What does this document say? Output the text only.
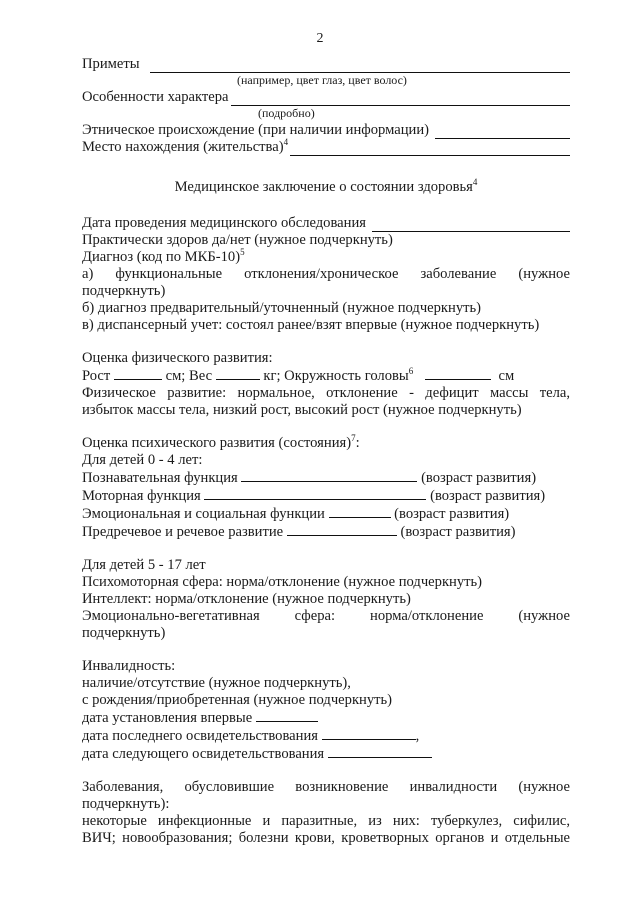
2
Приметы
(например, цвет глаз, цвет волос)
Особенности характера
(подробно)
Этническое происхождение (при наличии информации)
Место нахождения (жительства)$^4$
Медицинское заключение о состоянии здоровья$^4$
Дата проведения медицинского обследования
Практически здоров да/нет (нужное подчеркнуть)
Диагноз (код по МКБ-10)$^5$
а) функциональные отклонения/хроническое заболевание (нужное
подчеркнуть)
б) диагноз предварительный/уточненный (нужное подчеркнуть)
в) диспансерный учет: состоял ранее/взят впервые (нужное подчеркнуть)
Оценка физического развития:
Рост	см; Вес	кг; Окружность головы$^6$	см
Физическое развитие: нормальное, отклонение - дефицит массы тела,
избыток массы тела, низкий рост, высокий рост (нужное подчеркнуть)
Оценка психического развития (состояния)$^7$:
Для детей 0 - 4 лет:
Познавательная функция	(возраст развития)
Моторная функция	(возраст развития)
Эмоциональная и социальная функции	(возраст развития)
Предречевое и речевое развитие	(возраст развития)
Для детей 5 - 17 лет
Психомоторная сфера: норма/отклонение (нужное подчеркнуть)
Интеллект: норма/отклонение (нужное подчеркнуть)
Эмоционально-вегетативная сфера: норма/отклонение (нужное
подчеркнуть)
Инвалидность:
наличие/отсутствие (нужное подчеркнуть),
с рождения/приобретенная (нужное подчеркнуть)
дата установления впервые
дата последнего освидетельствования	,
дата следующего освидетельствования
Заболевания, обусловившие возникновение инвалидности (нужное
подчеркнуть):
некоторые инфекционные и паразитные, из них: туберкулез, сифилис,
ВИЧ; новообразования; болезни крови, кроветворных органов и отдельные
